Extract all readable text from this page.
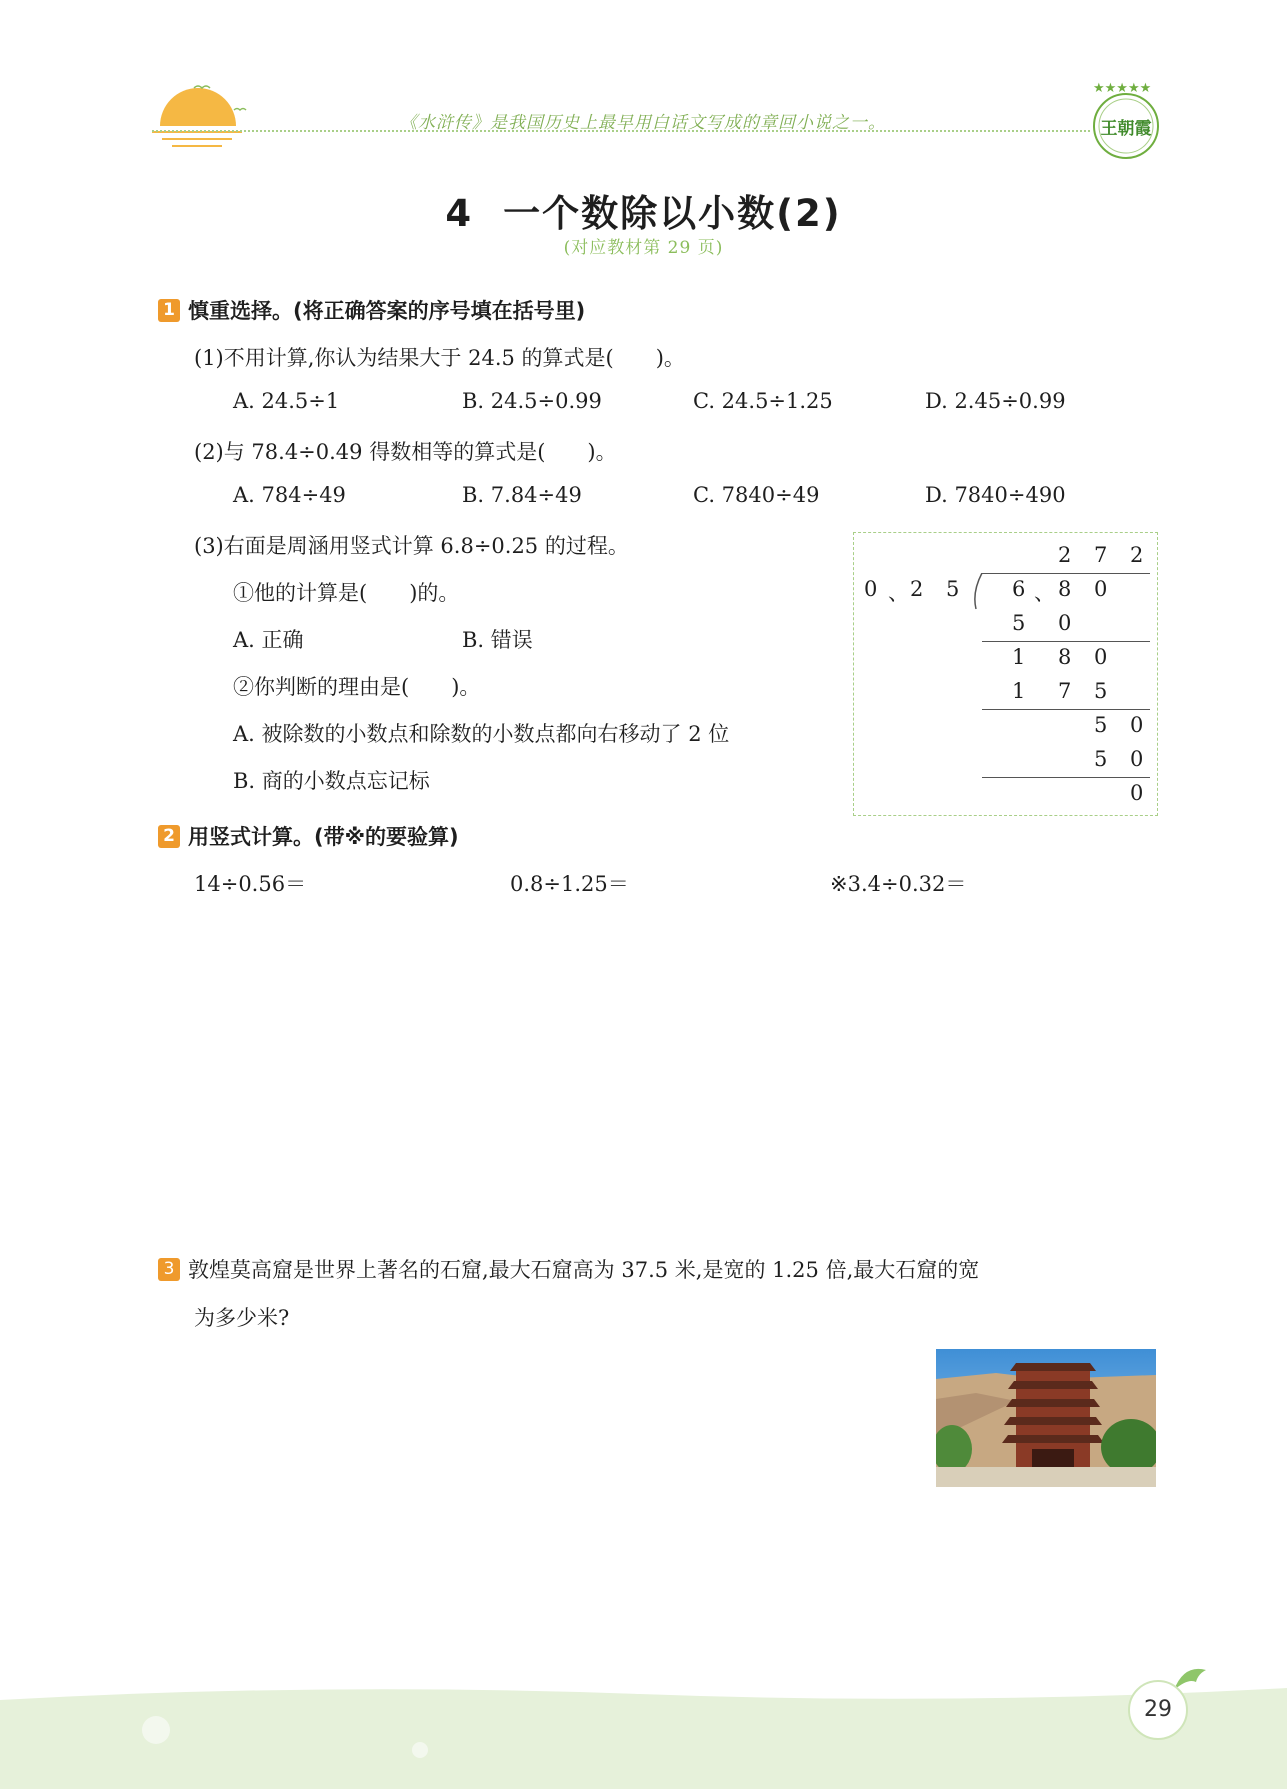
《水浒传》是我国历史上最早用白话文写成的章回小说之一。
★★★★★
王朝霞
4 一个数除以小数(2)
(对应教材第 29 页)
1 慎重选择。(将正确答案的序号填在括号里)
(1)不用计算,你认为结果大于 24.5 的算式是(　　)。
A. 24.5÷1	B. 24.5÷0.99	C. 24.5÷1.25	D. 2.45÷0.99
(2)与 78.4÷0.49 得数相等的算式是(　　)。
A. 784÷49	B. 7.84÷49	C. 7840÷49	D. 7840÷490
(3)右面是周涵用竖式计算 6.8÷0.25 的过程。
①他的计算是(　　)的。
A. 正确	B. 错误
②你判断的理由是(　　)。
A. 被除数的小数点和除数的小数点都向右移动了 2 位
B. 商的小数点忘记标
2 7 2
0 、 2 5	6 、 8 0
5 0
1 8 0
1 7 5
5 0
5 0
0
2 用竖式计算。(带※的要验算)
14÷0.56＝	0.8÷1.25＝	※3.4÷0.32＝
3 敦煌莫高窟是世界上著名的石窟,最大石窟高为 37.5 米,是宽的 1.25 倍,最大石窟的宽
为多少米?
29
